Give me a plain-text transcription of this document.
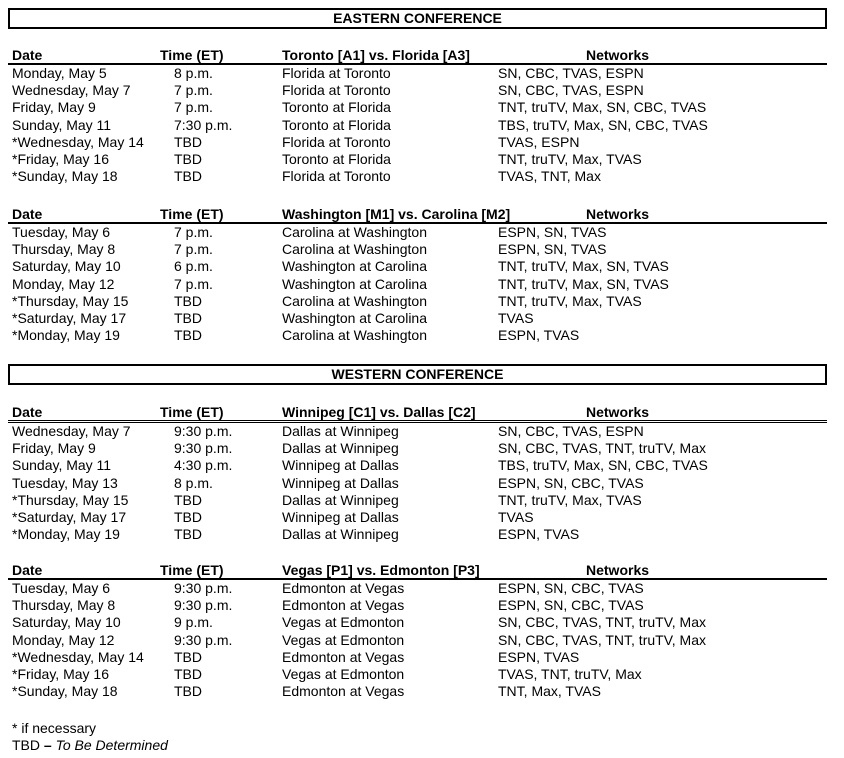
EASTERN CONFERENCE
Date	Time (ET)	Toronto [A1] vs. Florida [A3]	Networks
Monday, May 5	8 p.m.	Florida at Toronto	SN, CBC, TVAS, ESPN
Wednesday, May 7	7 p.m.	Florida at Toronto	SN, CBC, TVAS, ESPN
Friday, May 9	7 p.m.	Toronto at Florida	TNT, truTV, Max, SN, CBC, TVAS
Sunday, May 11	7:30 p.m.	Toronto at Florida	TBS, truTV, Max, SN, CBC, TVAS
*Wednesday, May 14 TBD	Florida at Toronto	TVAS, ESPN
*Friday, May 16	TBD	Toronto at Florida	TNT, truTV, Max, TVAS
*Sunday, May 18	TBD	Florida at Toronto	TVAS, TNT, Max
Date	Time (ET)	Washington [M1] vs. Carolina [M2]	Networks
Tuesday, May 6	7 p.m.	Carolina at Washington	ESPN, SN, TVAS
Thursday, May 8	7 p.m.	Carolina at Washington	ESPN, SN, TVAS
Saturday, May 10	6 p.m.	Washington at Carolina	TNT, truTV, Max, SN, TVAS
Monday, May 12	7 p.m.	Washington at Carolina	TNT, truTV, Max, SN, TVAS
*Thursday, May 15	TBD	Carolina at Washington	TNT, truTV, Max, TVAS
*Saturday, May 17	TBD	Washington at Carolina	TVAS
*Monday, May 19	TBD	Carolina at Washington	ESPN, TVAS
WESTERN CONFERENCE
Date	Time (ET)	Winnipeg [C1] vs. Dallas [C2]	Networks
Wednesday, May 7	9:30 p.m.	Dallas at Winnipeg	SN, CBC, TVAS, ESPN
Friday, May 9	9:30 p.m.	Dallas at Winnipeg	SN, CBC, TVAS, TNT, truTV, Max
Sunday, May 11	4:30 p.m.	Winnipeg at Dallas	TBS, truTV, Max, SN, CBC, TVAS
Tuesday, May 13	8 p.m.	Winnipeg at Dallas	ESPN, SN, CBC, TVAS
*Thursday, May 15	TBD	Dallas at Winnipeg	TNT, truTV, Max, TVAS
*Saturday, May 17	TBD	Winnipeg at Dallas	TVAS
*Monday, May 19	TBD	Dallas at Winnipeg	ESPN, TVAS
Date	Time (ET)	Vegas [P1] vs. Edmonton [P3]	Networks
Tuesday, May 6	9:30 p.m.	Edmonton at Vegas	ESPN, SN, CBC, TVAS
Thursday, May 8	9:30 p.m.	Edmonton at Vegas	ESPN, SN, CBC, TVAS
Saturday, May 10	9 p.m.	Vegas at Edmonton	SN, CBC, TVAS, TNT, truTV, Max
Monday, May 12	9:30 p.m.	Vegas at Edmonton	SN, CBC, TVAS, TNT, truTV, Max
*Wednesday, May 14 TBD	Edmonton at Vegas	ESPN, TVAS
*Friday, May 16	TBD	Vegas at Edmonton	TVAS, TNT, truTV, Max
*Sunday, May 18	TBD	Edmonton at Vegas	TNT, Max, TVAS
* if necessary
TBD – To Be Determined
